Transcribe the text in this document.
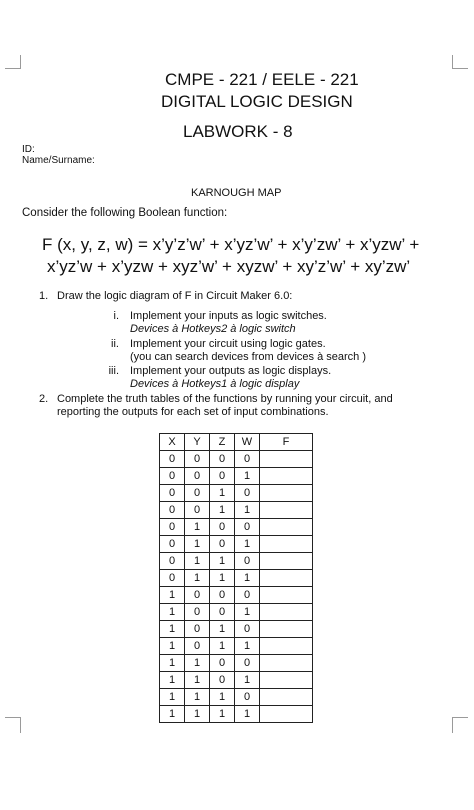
CMPE - 221 / EELE - 221
DIGITAL LOGIC DESIGN
LABWORK - 8
ID:
Name/Surname:
KARNOUGH MAP
Consider the following Boolean function:
F (x, y, z, w) = x’y’z’w’ + x’yz’w’ + x’y’zw’ + x’yzw’ +
x’yz’w + x’yzw + xyz’w’ + xyzw’ + xy’z’w’ + xy’zw’
1. Draw the logic diagram of F in Circuit Maker 6.0:
i. Implement your inputs as logic switches.
Devices à Hotkeys2 à logic switch
ii. Implement your circuit using logic gates.
(you can search devices from devices à search )
iii. Implement your outputs as logic displays.
Devices à Hotkeys1 à logic display
2. Complete the truth tables of the functions by running your circuit, and
reporting the outputs for each set of input combinations.
X	Y	Z	W	F
0	0	0	0	
0	0	0	1	
0	0	1	0	
0	0	1	1	
0	1	0	0	
0	1	0	1	
0	1	1	0	
0	1	1	1	
1	0	0	0	
1	0	0	1	
1	0	1	0	
1	0	1	1	
1	1	0	0	
1	1	0	1	
1	1	1	0	
1	1	1	1	
